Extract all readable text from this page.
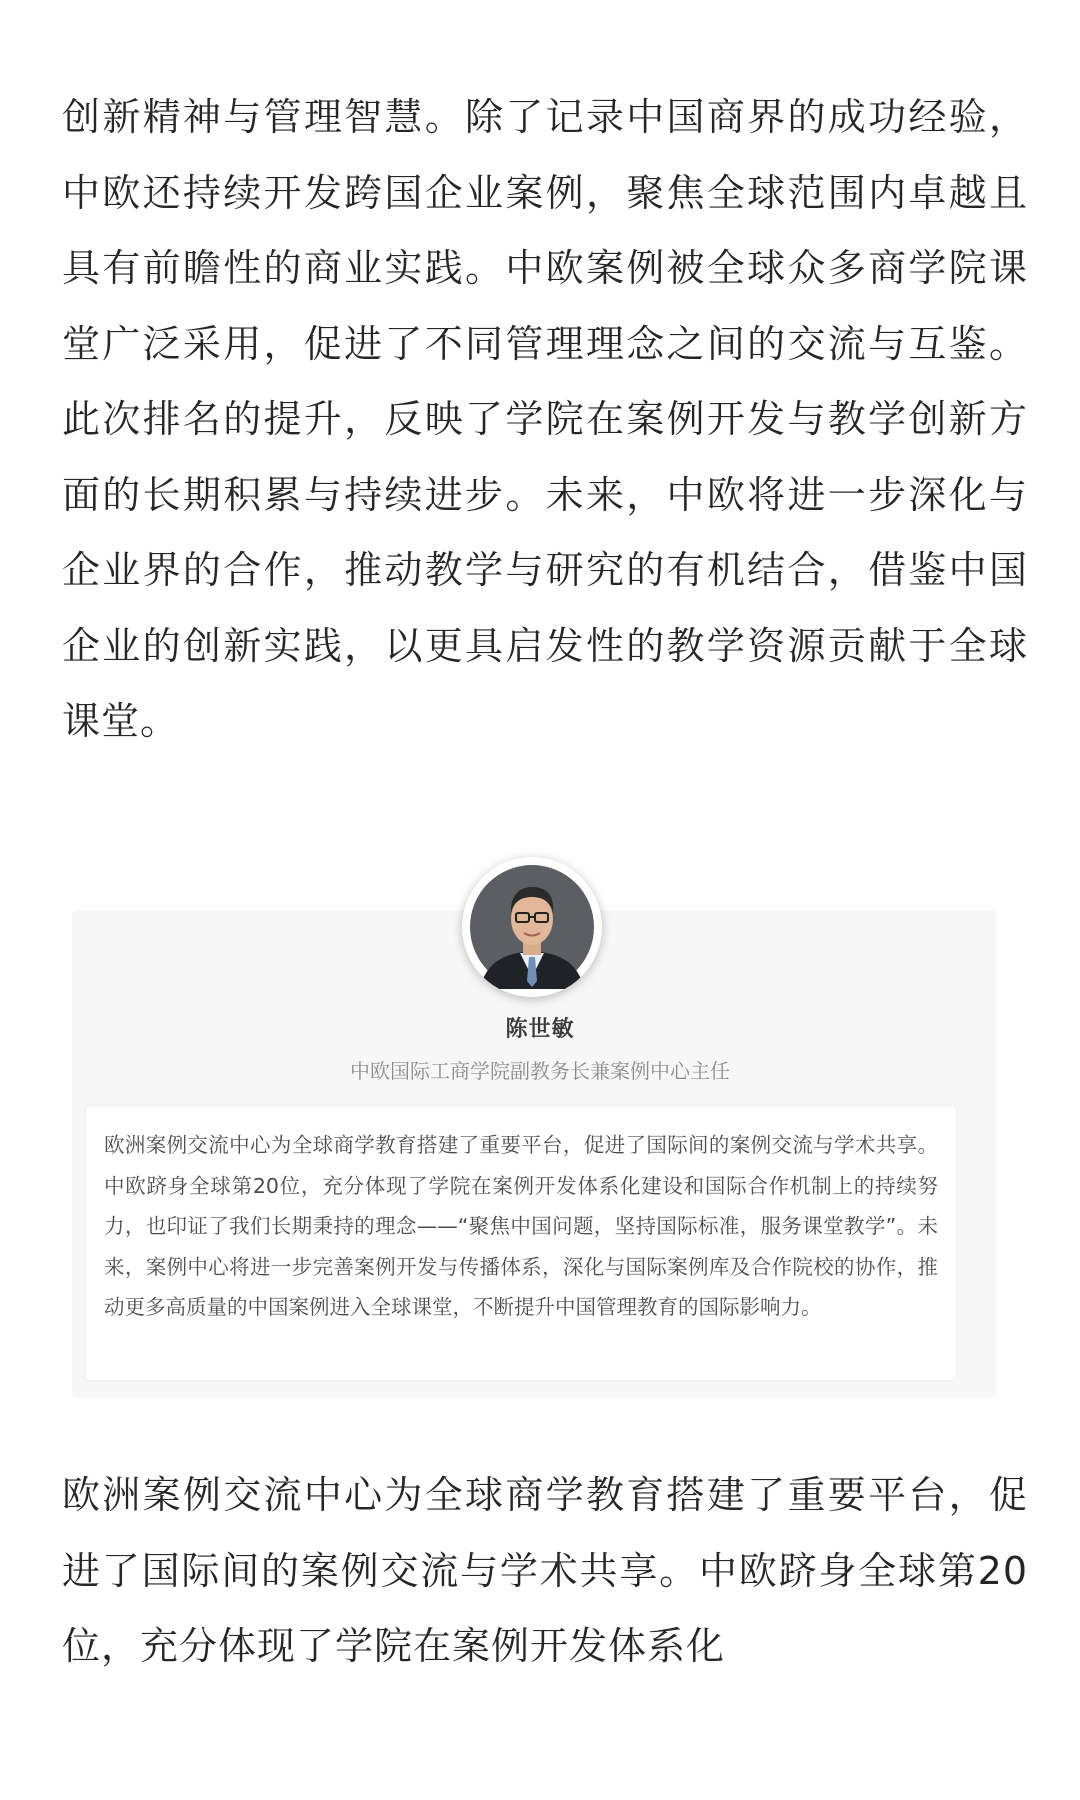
创新精神与管理智慧。除了记录中国商界的成功经验，中欧还持续开发跨国企业案例，聚焦全球范围内卓越且具有前瞻性的商业实践。中欧案例被全球众多商学院课堂广泛采用，促进了不同管理理念之间的交流与互鉴。此次排名的提升，反映了学院在案例开发与教学创新方面的长期积累与持续进步。未来，中欧将进一步深化与企业界的合作，推动教学与研究的有机结合，借鉴中国企业的创新实践，以更具启发性的教学资源贡献于全球课堂。

陈世敏
中欧国际工商学院副教务长兼案例中心主任

欧洲案例交流中心为全球商学教育搭建了重要平台，促进了国际间的案例交流与学术共享。中欧跻身全球第20位，充分体现了学院在案例开发体系化建设和国际合作机制上的持续努力，也印证了我们长期秉持的理念——“聚焦中国问题，坚持国际标准，服务课堂教学”。未来，案例中心将进一步完善案例开发与传播体系，深化与国际案例库及合作院校的协作，推动更多高质量的中国案例进入全球课堂，不断提升中国管理教育的国际影响力。

欧洲案例交流中心为全球商学教育搭建了重要平台，促进了国际间的案例交流与学术共享。中欧跻身全球第20位，充分体现了学院在案例开发体系化
